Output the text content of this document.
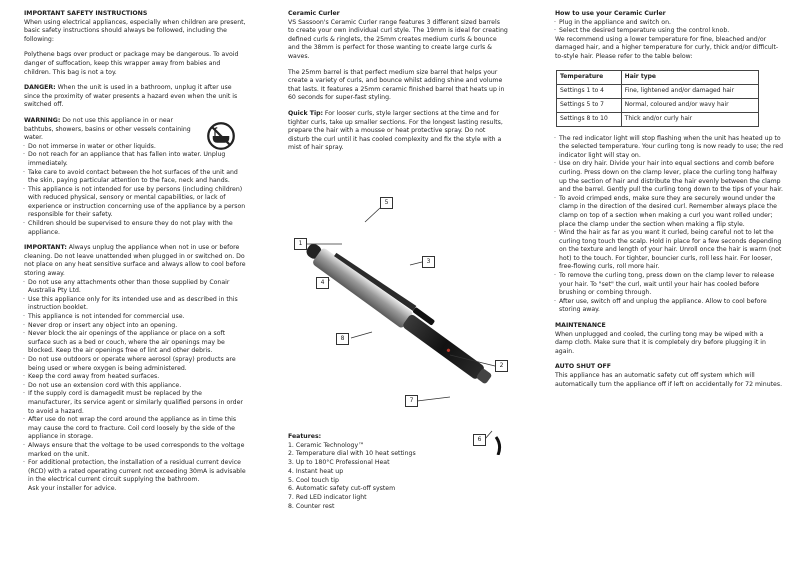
IMPORTANT SAFETY INSTRUCTIONS

When using electrical appliances, especially when children are present, basic safety instructions should always be followed, including the following:

Polythene bags over product or package may be dangerous. To avoid danger of suffocation, keep this wrapper away from babies and children. This bag is not a toy.

DANGER: When the unit is used in a bathroom, unplug it after use since the proximity of water presents a hazard even when the unit is switched off.

WARNING: Do not use this appliance in or near bathtubs, showers, basins or other vessels containing water.
· Do not immerse in water or other liquids.
· Do not reach for an appliance that has fallen into water. Unplug immediately.
· Take care to avoid contact between the hot surfaces of the unit and the skin, paying particular attention to the face, neck and hands.
· This appliance is not intended for use by persons (including children) with reduced physical, sensory or mental capabilities, or lack of experience or instruction concerning use of the appliance by a person responsible for their safety.
· Children should be supervised to ensure they do not play with the appliance.
IMPORTANT: Always unplug the appliance when not in use or before cleaning. Do not leave unattended when plugged in or switched on. Do not place on any heat sensitive surface and always allow to cool before storing away.
· Do not use any attachments other than those supplied by Conair Australia Pty Ltd.
· Use this appliance only for its intended use and as described in this instruction booklet.
· This appliance is not intended for commercial use.
· Never drop or insert any object into an opening.
· Never block the air openings of the appliance or place on a soft surface such as a bed or couch, where the air openings may be blocked. Keep the air openings free of lint and other debris.
· Do not use outdoors or operate where aerosol (spray) products are being used or where oxygen is being administered.
· Keep the cord away from heated surfaces.
· Do not use an extension cord with this appliance.
· If the supply cord is damagedit must be replaced by the manufacturer, its service agent or similarly qualified persons in order to avoid a hazard.
· After use do not wrap the cord around the appliance as in time this may cause the cord to fracture. Coil cord loosely by the side of the appliance in storage.
· Always ensure that the voltage to be used corresponds to the voltage marked on the unit.
· For additional protection, the installation of a residual current device (RCD) with a rated operating current not exceeding 30mA is advisable in the electrical current circuit supplying the bathroom.
Ask your installer for advice.
Ceramic Curler

VS Sassoon's Ceramic Curler range features 3 different sized barrels to create your own individual curl style. The 19mm is ideal for creating defined curls & ringlets, the 25mm creates medium curls & bounce and the 38mm is perfect for those wanting to create large curls & waves.

The 25mm barrel is that perfect medium size barrel that helps your create a variety of curls, and bounce whilst adding shine and volume that lasts. It features a 25mm ceramic finished barrel that heats up in 60 seconds for super-fast styling.

Quick Tip: For looser curls, style larger sections at the time and for tighter curls, take up smaller sections. For the longest lasting results, prepare the hair with a mousse or heat protective spray. Do not disturb the curl until it has cooled complexity and fix the style with a mist of hair spray.

5
1
3
4
8
2
7
6
Features:
1. Ceramic Technology™
2. Temperature dial with 10 heat settings
3. Up to 180°C Professional Heat
4. Instant heat up
5. Cool touch tip
6. Automatic safety cut-off system
7. Red LED indicator light
8. Counter rest
How to use your Ceramic Curler
· Plug in the appliance and switch on.
· Select the desired temperature using the control knob.
We recommend using a lower temperature for fine, bleached and/or damaged hair, and a higher temperature for curly, thick and/or difficult-to-style hair. Please refer to the table below:
Temperature	Hair type
Settings 1 to 4	Fine, lightened and/or damaged hair
Settings 5 to 7	Normal, coloured and/or wavy hair
Settings 8 to 10	Thick and/or curly hair
· The red indicator light will stop flashing when the unit has heated up to the selected temperature. Your curling tong is now ready to use; the red indicator light will stay on.
· Use on dry hair. Divide your hair into equal sections and comb before curling. Press down on the clamp lever, place the curling tong halfway up the section of hair and distribute the hair evenly between the clamp and the barrel. Gently pull the curling tong down to the tips of your hair.
· To avoid crimped ends, make sure they are securely wound under the clamp in the direction of the desired curl. Remember always place the clamp on top of a section when making a curl you want rolled under; place the clamp under the section when making a flip style.
· Wind the hair as far as you want it curled, being careful not to let the curling tong touch the scalp. Hold in place for a few seconds depending on the texture and length of your hair. Unroll once the hair is warm (not hot) to the touch. For tighter, bouncier curls, roll less hair. For looser, free-flowing curls, roll more hair.
· To remove the curling tong, press down on the clamp lever to release your hair. To "set" the curl, wait until your hair has cooled before brushing or combing through.
· After use, switch off and unplug the appliance. Allow to cool before storing away.
MAINTENANCE

When unplugged and cooled, the curling tong may be wiped with a damp cloth. Make sure that it is completely dry before plugging it in again.

AUTO SHUT OFF

This appliance has an automatic safety cut off system which will automatically turn the appliance off if left on accidentally for 72 minutes.
